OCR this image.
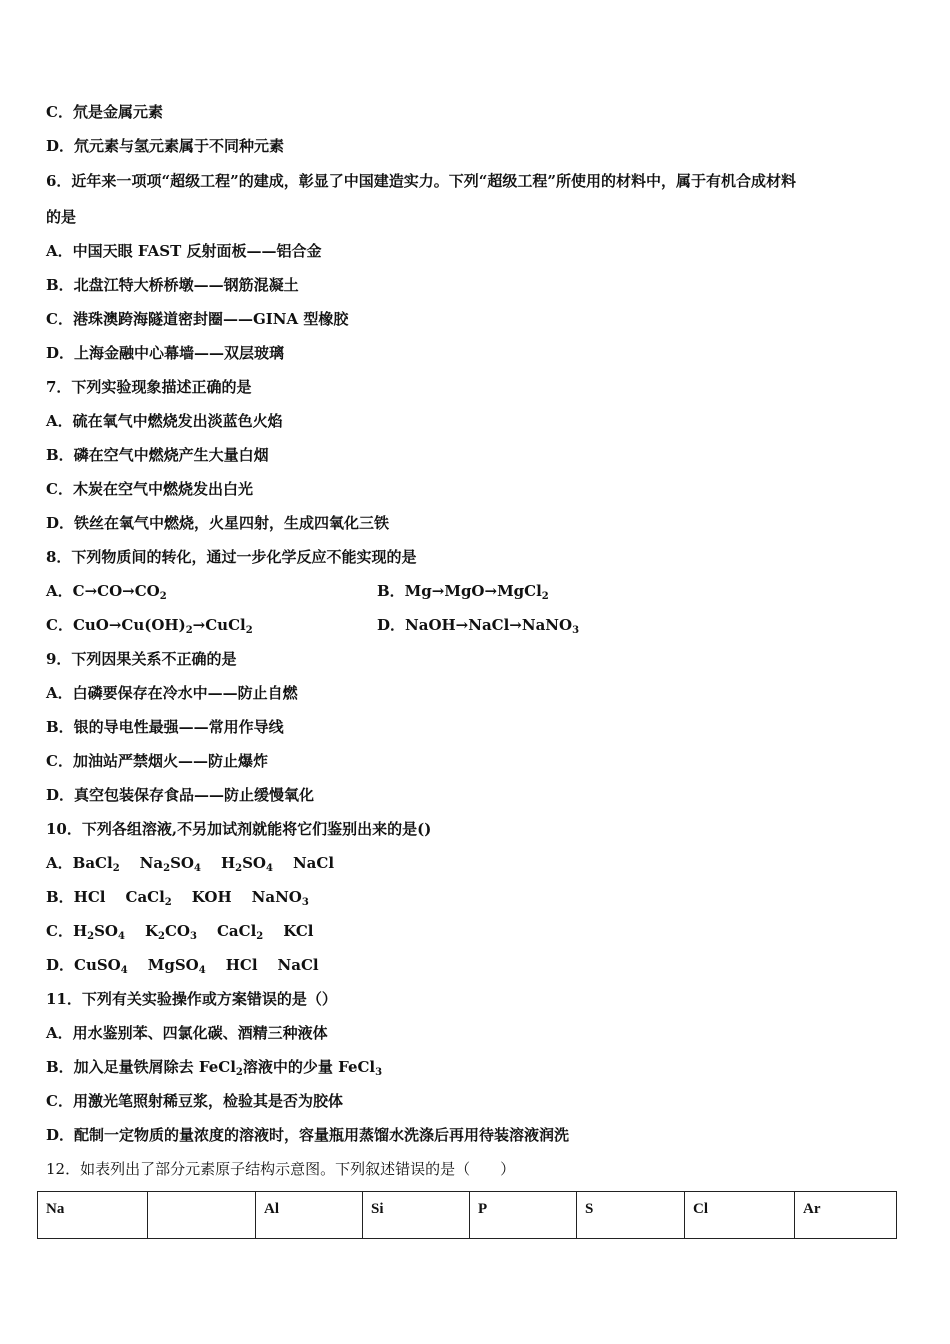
C．氘是金属元素
D．氘元素与氢元素属于不同种元素
6．近年来一项项“超级工程”的建成，彰显了中国建造实力。下列“超级工程”所使用的材料中，属于有机合成材料
的是
A．中国天眼 FAST 反射面板——铝合金
B．北盘江特大桥桥墩——钢筋混凝土
C．港珠澳跨海隧道密封圈——GINA 型橡胶
D．上海金融中心幕墙——双层玻璃
7．下列实验现象描述正确的是
A．硫在氧气中燃烧发出淡蓝色火焰
B．磷在空气中燃烧产生大量白烟
C．木炭在空气中燃烧发出白光
D．铁丝在氧气中燃烧，火星四射，生成四氧化三铁
8．下列物质间的转化，通过一步化学反应不能实现的是
A．$C\to CO\to CO_2$	B．Mg→MgO→MgCl$_2$
C．$CuO\to Cu(OH)_2\to CuCl_2$	D．NaOH→NaCl→NaNO$_3$
9．下列因果关系不正确的是
A．白磷要保存在冷水中——防止自燃
B．银的导电性最强——常用作导线
C．加油站严禁烟火——防止爆炸
D．真空包装保存食品——防止缓慢氧化
10．下列各组溶液,不另加试剂就能将它们鉴别出来的是()
A．BaCl$_2$ $Na_2SO_4$ $H_2SO_4$ NaCl
B．HCl CaCl$_2$ KOH NaNO$_3$
C．$H_2SO_4$ $K_2CO_3$ CaCl$_2$ KCl
D．CuSO$_4$ MgSO$_4$ HCl NaCl
11．下列有关实验操作或方案错误的是（）
A．用水鉴别苯、四氯化碳、酒精三种液体
B．加入足量铁屑除去 FeCl$_2$溶液中的少量 FeCl$_3$
C．用激光笔照射稀豆浆，检验其是否为胶体
D．配制一定物质的量浓度的溶液时，容量瓶用蒸馏水洗涤后再用待装溶液润洗
12．如表列出了部分元素原子结构示意图。下列叙述错误的是（　　）
Na		Al	Si	P	S	Cl	Ar
